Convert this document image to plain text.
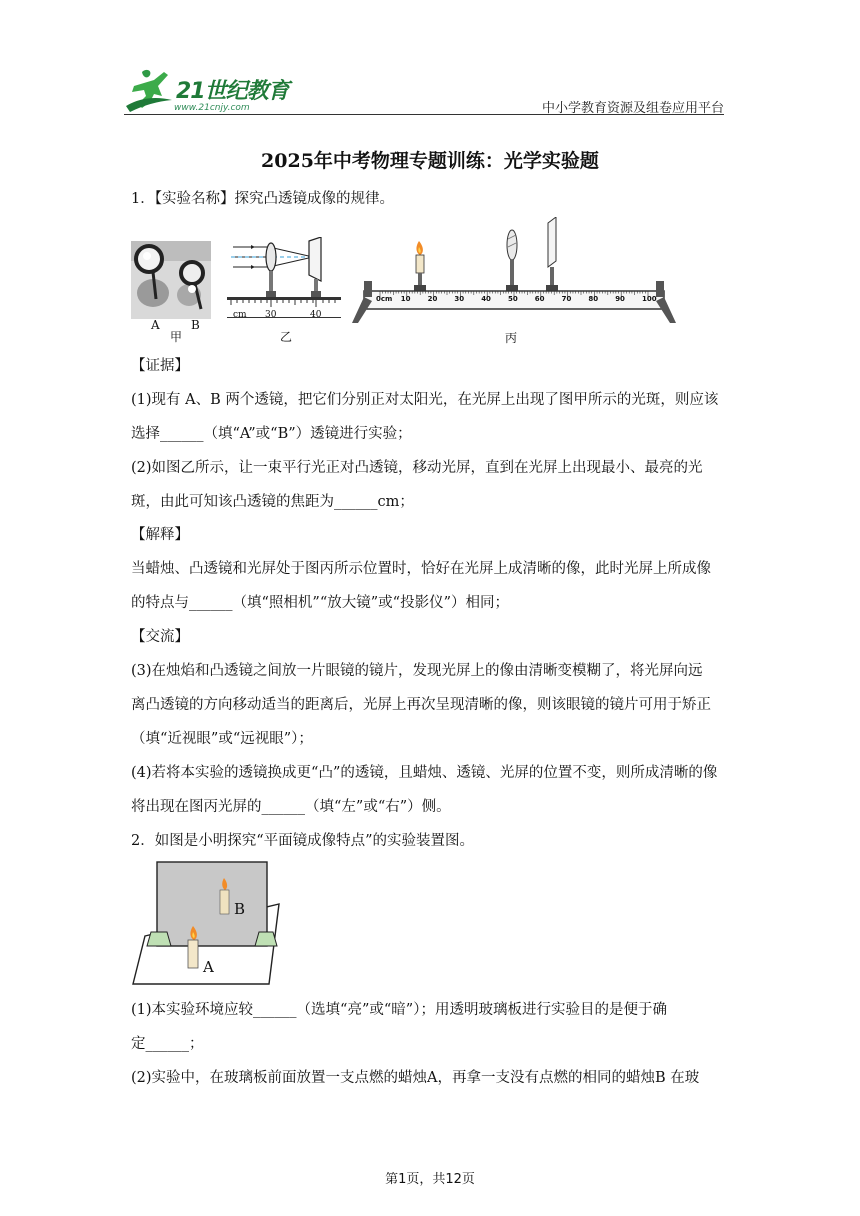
21世纪教育
www.21cnjy.com	中小学教育资源及组卷应用平台
2025年中考物理专题训练：光学实验题
1．【实验名称】探究凸透镜成像的规律。
A	B
甲
cm 30	40
乙
0cm 10 20 30 40 50 60 70 80 90 100
丙
【证据】
(1)现有 A、B 两个透镜，把它们分别正对太阳光，在光屏上出现了图甲所示的光斑，则应该
选择______（填“A”或“B”）透镜进行实验；
(2)如图乙所示，让一束平行光正对凸透镜，移动光屏，直到在光屏上出现最小、最亮的光
斑，由此可知该凸透镜的焦距为______cm；
【解释】
当蜡烛、凸透镜和光屏处于图丙所示位置时，恰好在光屏上成清晰的像，此时光屏上所成像
的特点与______（填“照相机”“放大镜”或“投影仪”）相同；
【交流】
(3)在烛焰和凸透镜之间放一片眼镜的镜片，发现光屏上的像由清晰变模糊了，将光屏向远
离凸透镜的方向移动适当的距离后，光屏上再次呈现清晰的像，则该眼镜的镜片可用于矫正
（填“近视眼”或“远视眼”）；
(4)若将本实验的透镜换成更“凸”的透镜，且蜡烛、透镜、光屏的位置不变，则所成清晰的像
将出现在图丙光屏的______（填“左”或“右”）侧。
2．如图是小明探究“平面镜成像特点”的实验装置图。
B
A
(1)本实验环境应较______（选填“亮”或“暗”）；用透明玻璃板进行实验目的是便于确
定______；
(2)实验中，在玻璃板前面放置一支点燃的蜡烛A，再拿一支没有点燃的相同的蜡烛B 在玻
第1页，共12页
